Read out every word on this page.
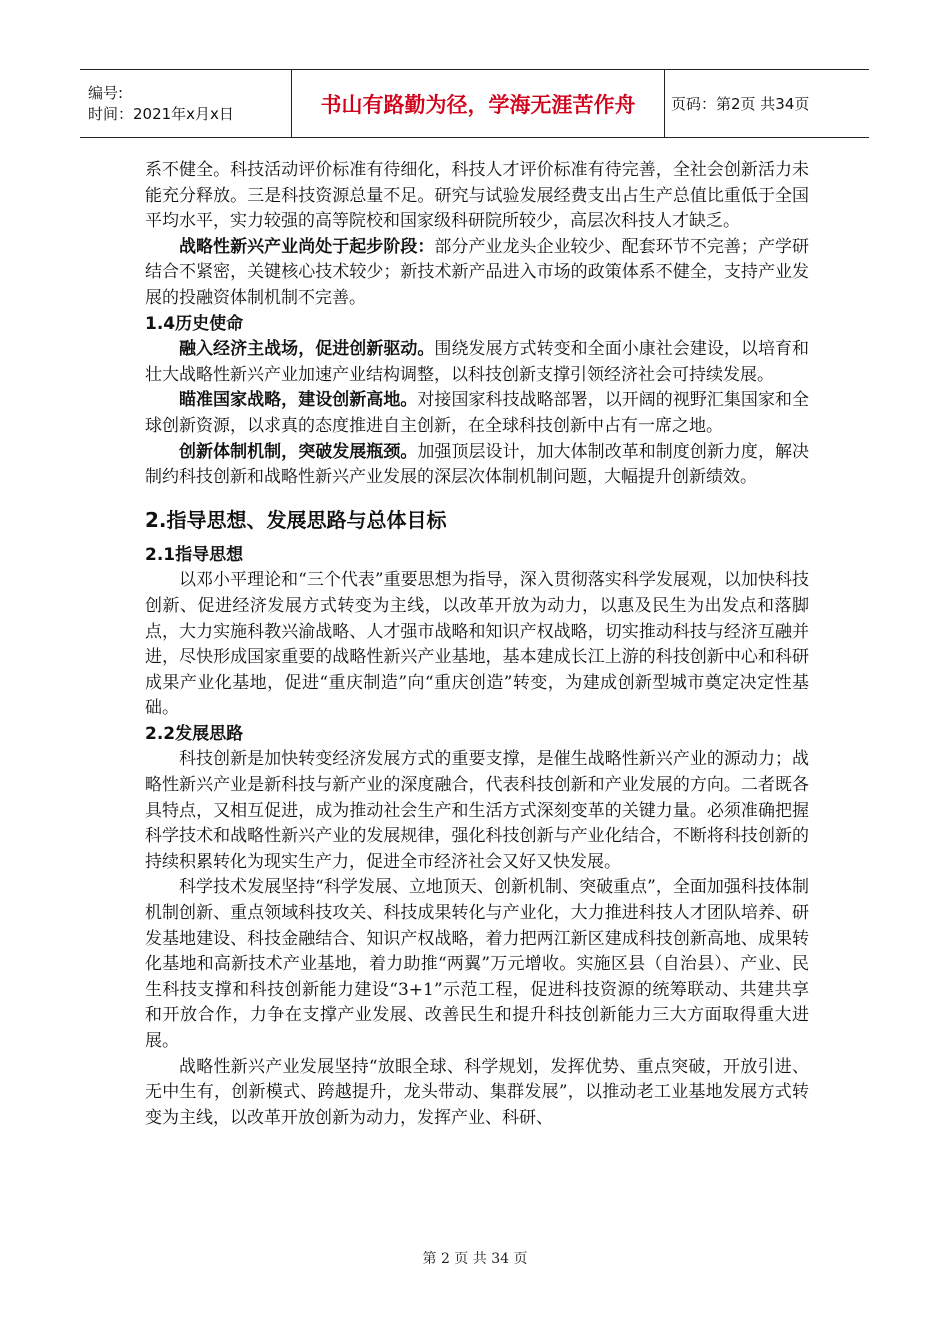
编号:
时间：2021年x月x日	书山有路勤为径，学海无涯苦作舟	页码：第2页 共34页

系不健全。科技活动评价标准有待细化，科技人才评价标准有待完善，全社会创新活力未能充分释放。三是科技资源总量不足。研究与试验发展经费支出占生产总值比重低于全国平均水平，实力较强的高等院校和国家级科研院所较少，高层次科技人才缺乏。

战略性新兴产业尚处于起步阶段：部分产业龙头企业较少、配套环节不完善；产学研结合不紧密，关键核心技术较少；新技术新产品进入市场的政策体系不健全，支持产业发展的投融资体制机制不完善。

1.4历史使命

融入经济主战场，促进创新驱动。围绕发展方式转变和全面小康社会建设，以培育和壮大战略性新兴产业加速产业结构调整，以科技创新支撑引领经济社会可持续发展。

瞄准国家战略，建设创新高地。对接国家科技战略部署，以开阔的视野汇集国家和全球创新资源，以求真的态度推进自主创新，在全球科技创新中占有一席之地。

创新体制机制，突破发展瓶颈。加强顶层设计，加大体制改革和制度创新力度，解决制约科技创新和战略性新兴产业发展的深层次体制机制问题，大幅提升创新绩效。

2.指导思想、发展思路与总体目标
2.1指导思想

以邓小平理论和“三个代表”重要思想为指导，深入贯彻落实科学发展观，以加快科技创新、促进经济发展方式转变为主线，以改革开放为动力，以惠及民生为出发点和落脚点，大力实施科教兴渝战略、人才强市战略和知识产权战略，切实推动科技与经济互融并进，尽快形成国家重要的战略性新兴产业基地，基本建成长江上游的科技创新中心和科研成果产业化基地，促进“重庆制造”向“重庆创造”转变，为建成创新型城市奠定决定性基础。

2.2发展思路

科技创新是加快转变经济发展方式的重要支撑，是催生战略性新兴产业的源动力；战略性新兴产业是新科技与新产业的深度融合，代表科技创新和产业发展的方向。二者既各具特点，又相互促进，成为推动社会生产和生活方式深刻变革的关键力量。必须准确把握科学技术和战略性新兴产业的发展规律，强化科技创新与产业化结合，不断将科技创新的持续积累转化为现实生产力，促进全市经济社会又好又快发展。

科学技术发展坚持“科学发展、立地顶天、创新机制、突破重点”，全面加强科技体制机制创新、重点领域科技攻关、科技成果转化与产业化，大力推进科技人才团队培养、研发基地建设、科技金融结合、知识产权战略，着力把两江新区建成科技创新高地、成果转化基地和高新技术产业基地，着力助推“两翼”万元增收。实施区县（自治县）、产业、民生科技支撑和科技创新能力建设“3+1”示范工程，促进科技资源的统筹联动、共建共享和开放合作，力争在支撑产业发展、改善民生和提升科技创新能力三大方面取得重大进展。

战略性新兴产业发展坚持“放眼全球、科学规划，发挥优势、重点突破，开放引进、无中生有，创新模式、跨越提升，龙头带动、集群发展”，以推动老工业基地发展方式转变为主线，以改革开放创新为动力，发挥产业、科研、

第 2 页 共 34 页
